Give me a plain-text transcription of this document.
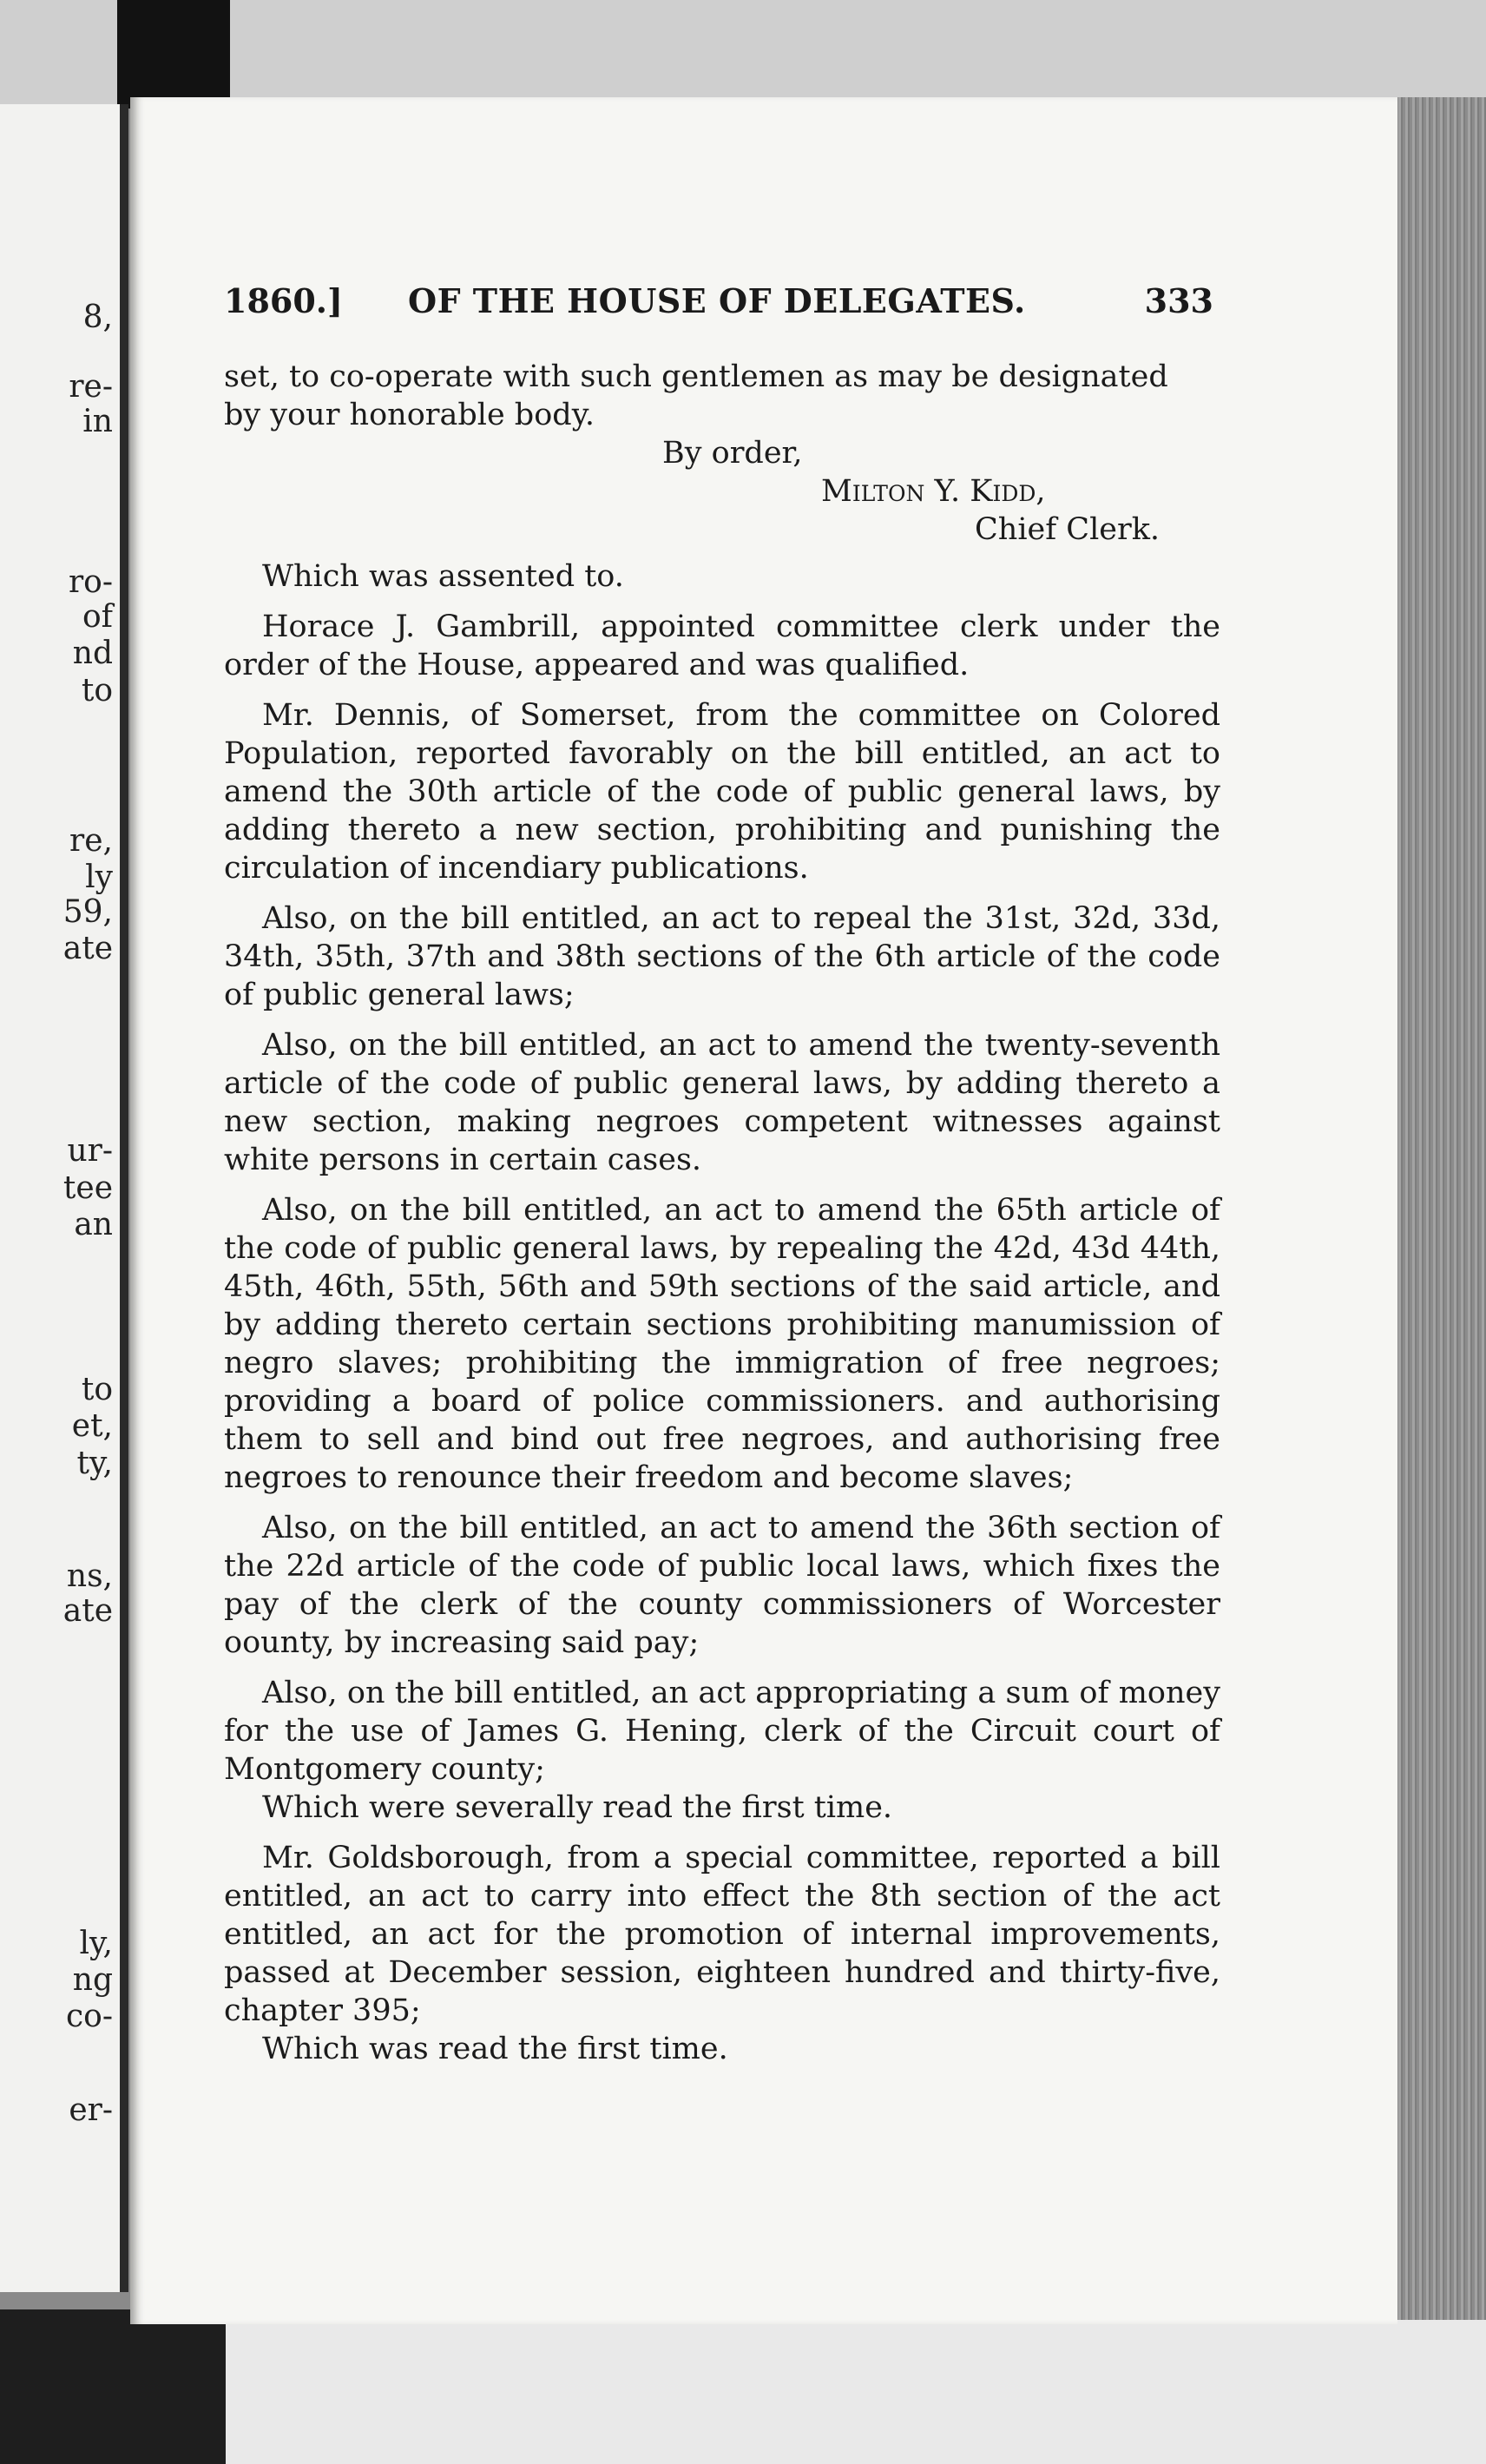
8,
re-
in
ro-
of
nd
to
re,
ly
59,
ate
ur-
tee
an
to
et,
ty,
ns,
ate
ly,
ng
co-
er-
1860.] OF THE HOUSE OF DELEGATES.	333

set, to co-operate with such gentlemen as may be designated

by your honorable body.

By order,
Milton Y. Kidd,
Chief Clerk.

Which was assented to.

Horace J. Gambrill, appointed committee clerk under the order of the House, appeared and was qualified.

Mr. Dennis, of Somerset, from the committee on Colored Population, reported favorably on the bill entitled, an act to amend the 30th article of the code of public general laws, by adding thereto a new section, prohibiting and punishing the circulation of incendiary publications.

Also, on the bill entitled, an act to repeal the 31st, 32d, 33d, 34th, 35th, 37th and 38th sections of the 6th article of the code of public general laws;

Also, on the bill entitled, an act to amend the twenty-seventh article of the code of public general laws, by adding thereto a new section, making negroes competent witnesses against white persons in certain cases.

Also, on the bill entitled, an act to amend the 65th article of the code of public general laws, by repealing the 42d, 43d 44th, 45th, 46th, 55th, 56th and 59th sections of the said article, and by adding thereto certain sections prohibiting manumission of negro slaves; prohibiting the immigration of free negroes; providing a board of police commissioners. and authorising them to sell and bind out free negroes, and authorising free negroes to renounce their freedom and become slaves;

Also, on the bill entitled, an act to amend the 36th section of the 22d article of the code of public local laws, which fixes the pay of the clerk of the county commissioners of Worcester oounty, by increasing said pay;

Also, on the bill entitled, an act appropriating a sum of money for the use of James G. Hening, clerk of the Circuit court of Montgomery county;

Which were severally read the first time.

Mr. Goldsborough, from a special committee, reported a bill entitled, an act to carry into effect the 8th section of the act entitled, an act for the promotion of internal improvements, passed at December session, eighteen hundred and thirty-five, chapter 395;

Which was read the first time.
